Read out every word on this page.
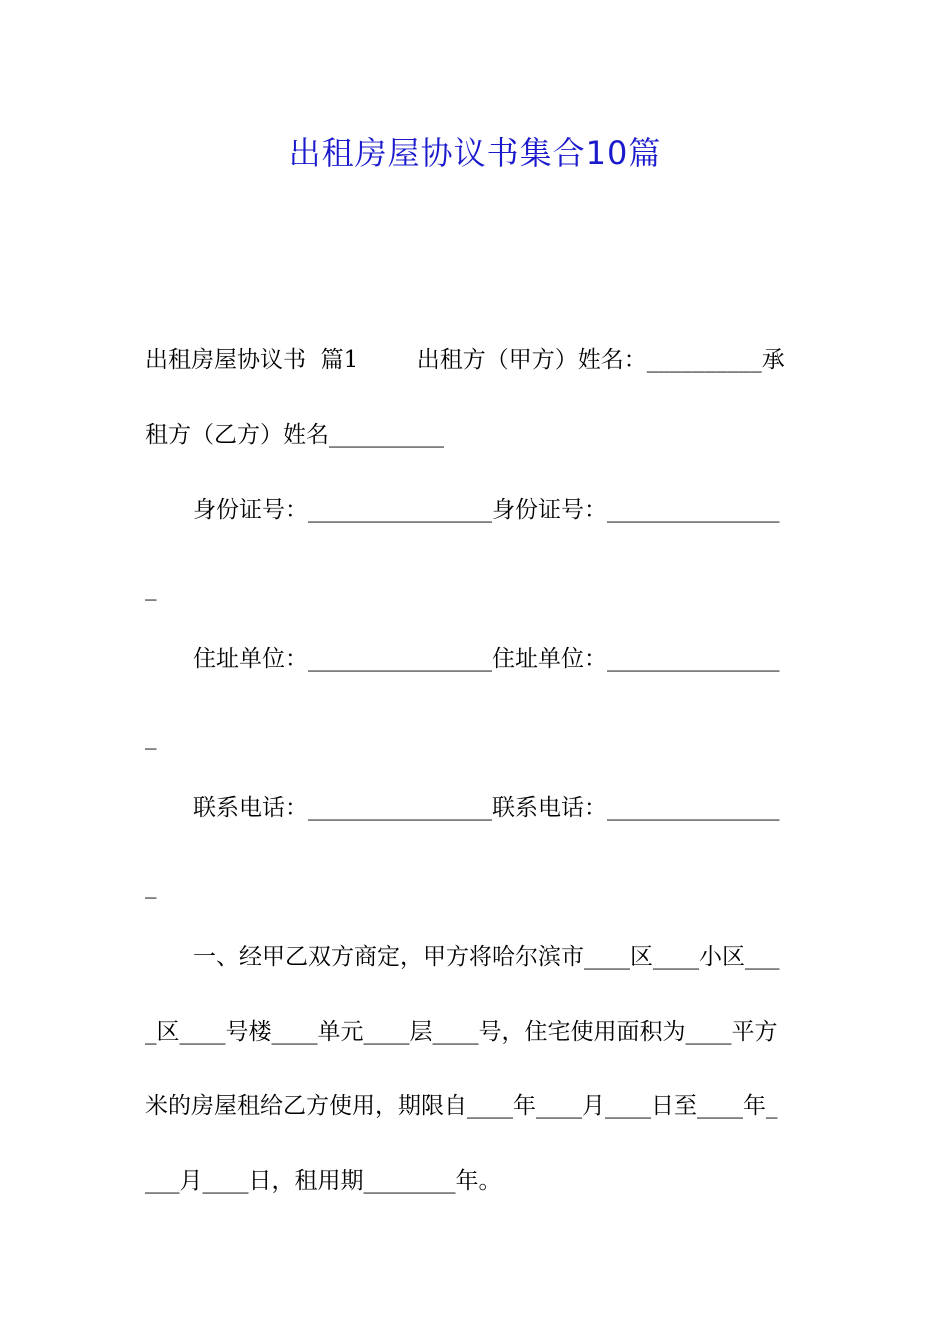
出租房屋协议书集合10篇
出租房屋协议书  篇1        出租方（甲方）姓名：__________承
租方（乙方）姓名__________
身份证号：________________身份证号：_______________
_
住址单位：________________住址单位：_______________
_
联系电话：________________联系电话：_______________
_
一、经甲乙双方商定，甲方将哈尔滨市____区____小区___
_区____号楼____单元____层____号，住宅使用面积为____平方
米的房屋租给乙方使用，期限自____年____月____日至____年_
___月____日，租用期________年。
